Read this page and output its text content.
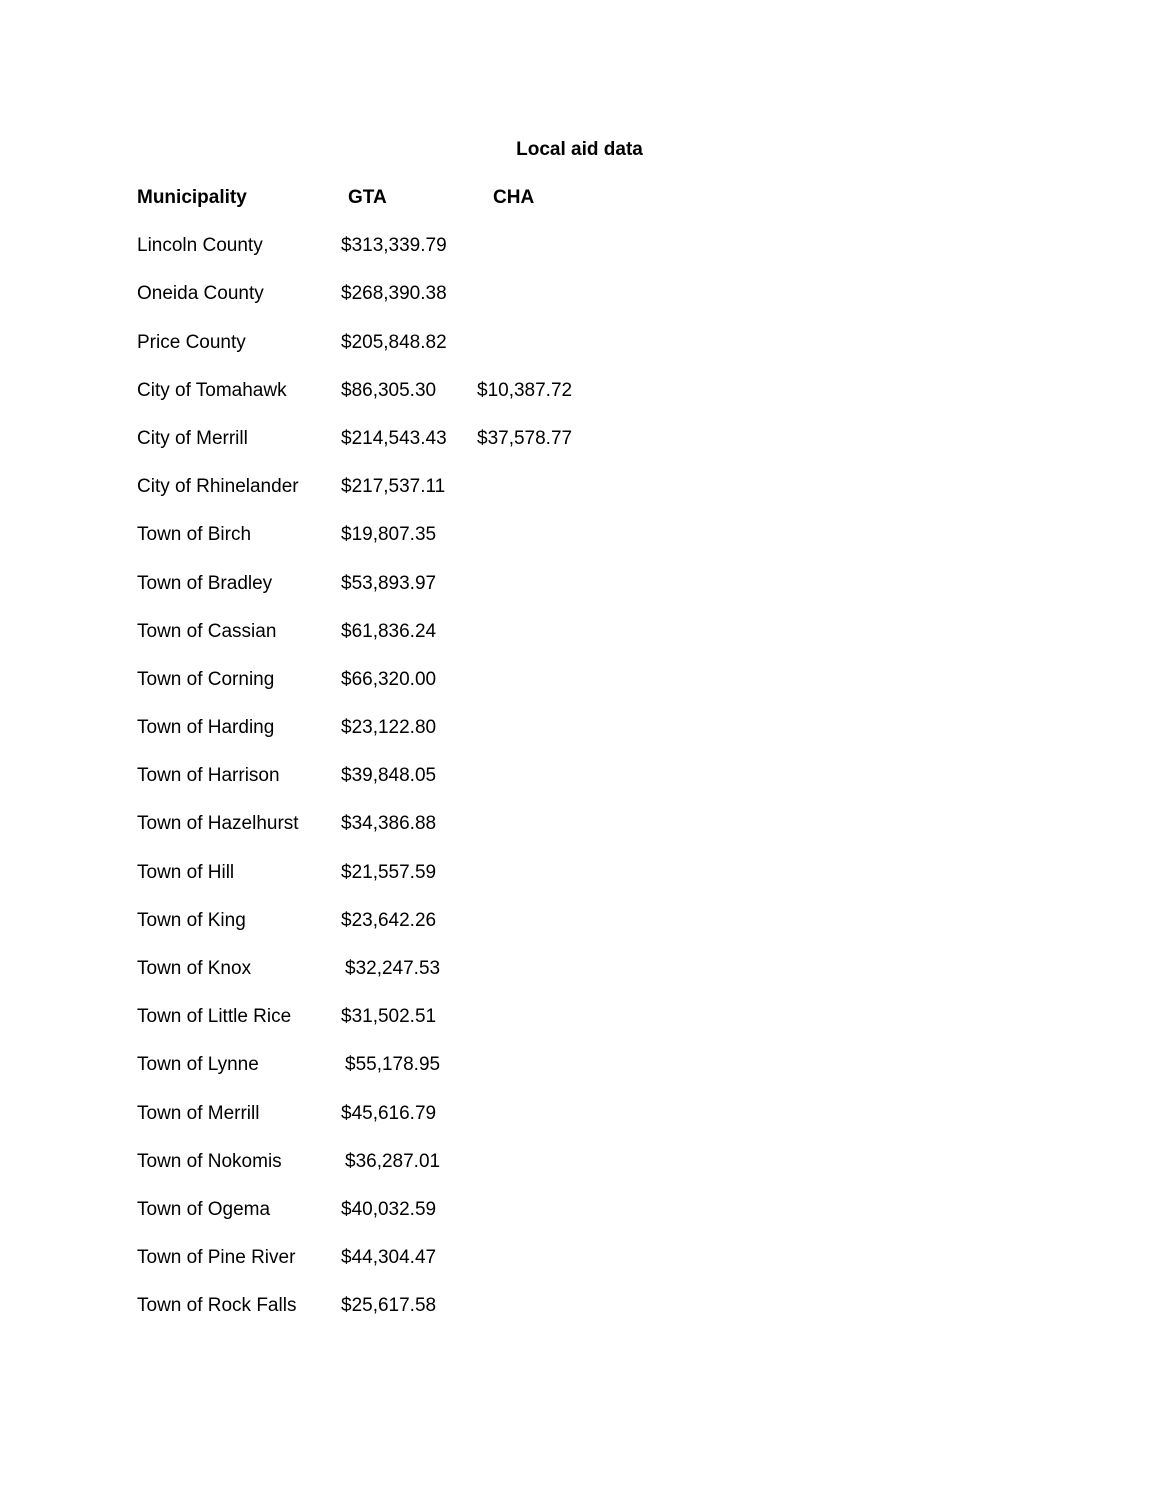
Local aid data
Municipality	GTA	CHA
Lincoln County	$313,339.79
Oneida County	$268,390.38
Price County	$205,848.82
City of Tomahawk	$86,305.30 $10,387.72
City of Merrill	$214,543.43 $37,578.77
City of Rhinelander $217,537.11
Town of Birch	$19,807.35
Town of Bradley	$53,893.97
Town of Cassian	$61,836.24
Town of Corning	$66,320.00
Town of Harding	$23,122.80
Town of Harrison	$39,848.05
Town of Hazelhurst $34,386.88
Town of Hill	$21,557.59
Town of King	$23,642.26
Town of Knox	$32,247.53
Town of Little Rice	$31,502.51
Town of Lynne	$55,178.95
Town of Merrill	$45,616.79
Town of Nokomis	$36,287.01
Town of Ogema	$40,032.59
Town of Pine River $44,304.47
Town of Rock Falls $25,617.58
